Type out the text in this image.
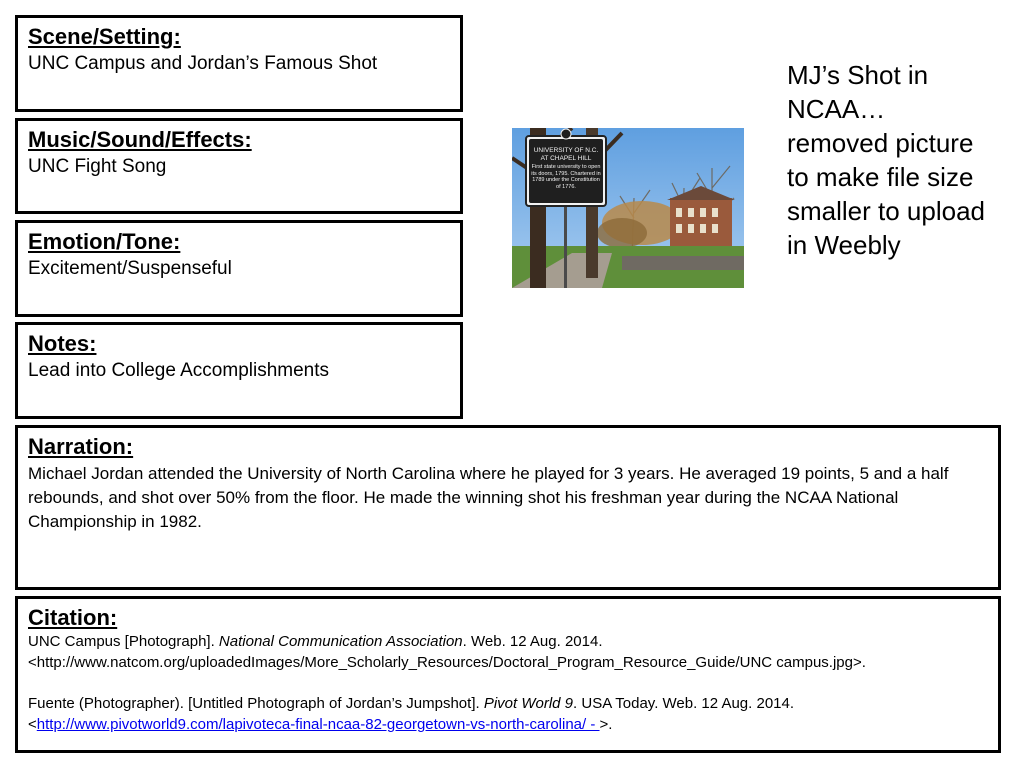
Scene/Setting:
UNC Campus and Jordan’s Famous Shot
Music/Sound/Effects:
UNC Fight Song
Emotion/Tone:
Excitement/Suspenseful
Notes:
Lead into College Accomplishments
UNIVERSITY OF N.C.
AT CHAPEL HILL
First state university to open its doors, 1795. Chartered in 1789 under the Constitution of 1776.
MJ’s Shot in NCAA… removed picture to make file size smaller to upload in Weebly
Narration:
Michael Jordan attended the University of North Carolina where he played for 3 years. He averaged 19 points, 5 and a half rebounds, and shot over 50% from the floor. He made the winning shot his freshman year during the NCAA National Championship in 1982.
Citation:

UNC Campus [Photograph]. National Communication Association. Web. 12 Aug. 2014.

<http://www.natcom.org/uploadedImages/More_Scholarly_Resources/Doctoral_Program_Resource_Guide/UNC campus.jpg>.

Fuente (Photographer). [Untitled Photograph of Jordan’s Jumpshot]. Pivot World 9. USA Today. Web. 12 Aug. 2014.

<http://www.pivotworld9.com/lapivoteca-final-ncaa-82-georgetown-vs-north-carolina/ - >.
